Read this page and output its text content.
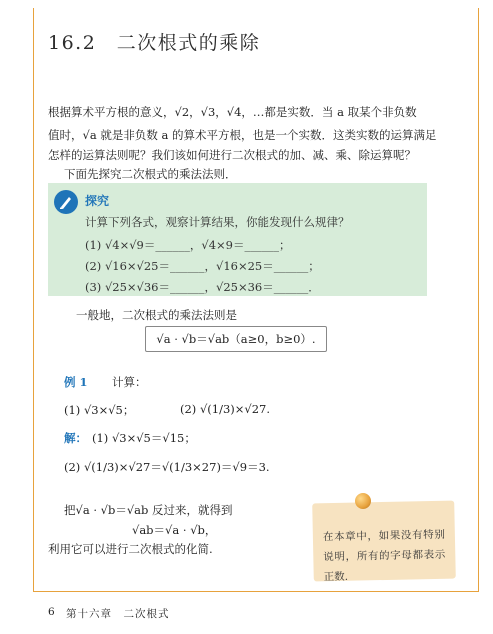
16.2　二次根式的乘除
根据算术平方根的意义，√2，√3，√4，…都是实数．当 a 取某个非负数
值时，√a 就是非负数 a 的算术平方根，也是一个实数．这类实数的运算满足
怎样的运算法则呢？我们该如何进行二次根式的加、减、乘、除运算呢？
下面先探究二次根式的乘法法则．
探究
计算下列各式，观察计算结果，你能发现什么规律？
(1) √4×√9＝______，√4×9＝______；
(2) √16×√25＝______，√16×25＝______；
(3) √25×√36＝______，√25×36＝______．
一般地，二次根式的乘法法则是
√a · √b＝√ab（a≥0，b≥0）.
例 1 计算：
(1) √3×√5；	(2) √(1/3)×√27.
解： (1) √3×√5＝√15；
(2) √(1/3)×√27＝√(1/3×27)＝√9＝3.
把√a · √b＝√ab 反过来，就得到
√ab＝√a · √b，
利用它可以进行二次根式的化简.
在本章中，如果没有特别说明，所有的字母都表示正数.
6 第十六章　二次根式
